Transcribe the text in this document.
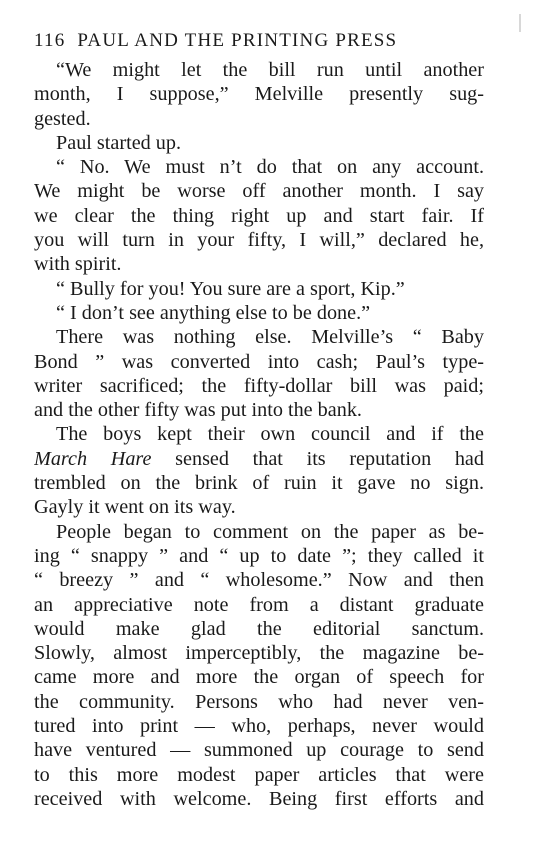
116 PAUL AND THE PRINTING PRESS
“We might let the bill run until another
month, I suppose,” Melville presently sug-
gested.
Paul started up.
“ No. We must n’t do that on any account.
We might be worse off another month. I say
we clear the thing right up and start fair. If
you will turn in your fifty, I will,” declared he,
with spirit.
“ Bully for you! You sure are a sport, Kip.”
“ I don’t see anything else to be done.”
There was nothing else. Melville’s “ Baby
Bond ” was converted into cash; Paul’s type-
writer sacrificed; the fifty-dollar bill was paid;
and the other fifty was put into the bank.
The boys kept their own council and if the
March Hare sensed that its reputation had
trembled on the brink of ruin it gave no sign.
Gayly it went on its way.
People began to comment on the paper as be-
ing “ snappy ” and “ up to date ”; they called it
“ breezy ” and “ wholesome.” Now and then
an appreciative note from a distant graduate
would make glad the editorial sanctum.
Slowly, almost imperceptibly, the magazine be-
came more and more the organ of speech for
the community. Persons who had never ven-
tured into print — who, perhaps, never would
have ventured — summoned up courage to send
to this more modest paper articles that were
received with welcome. Being first efforts and
